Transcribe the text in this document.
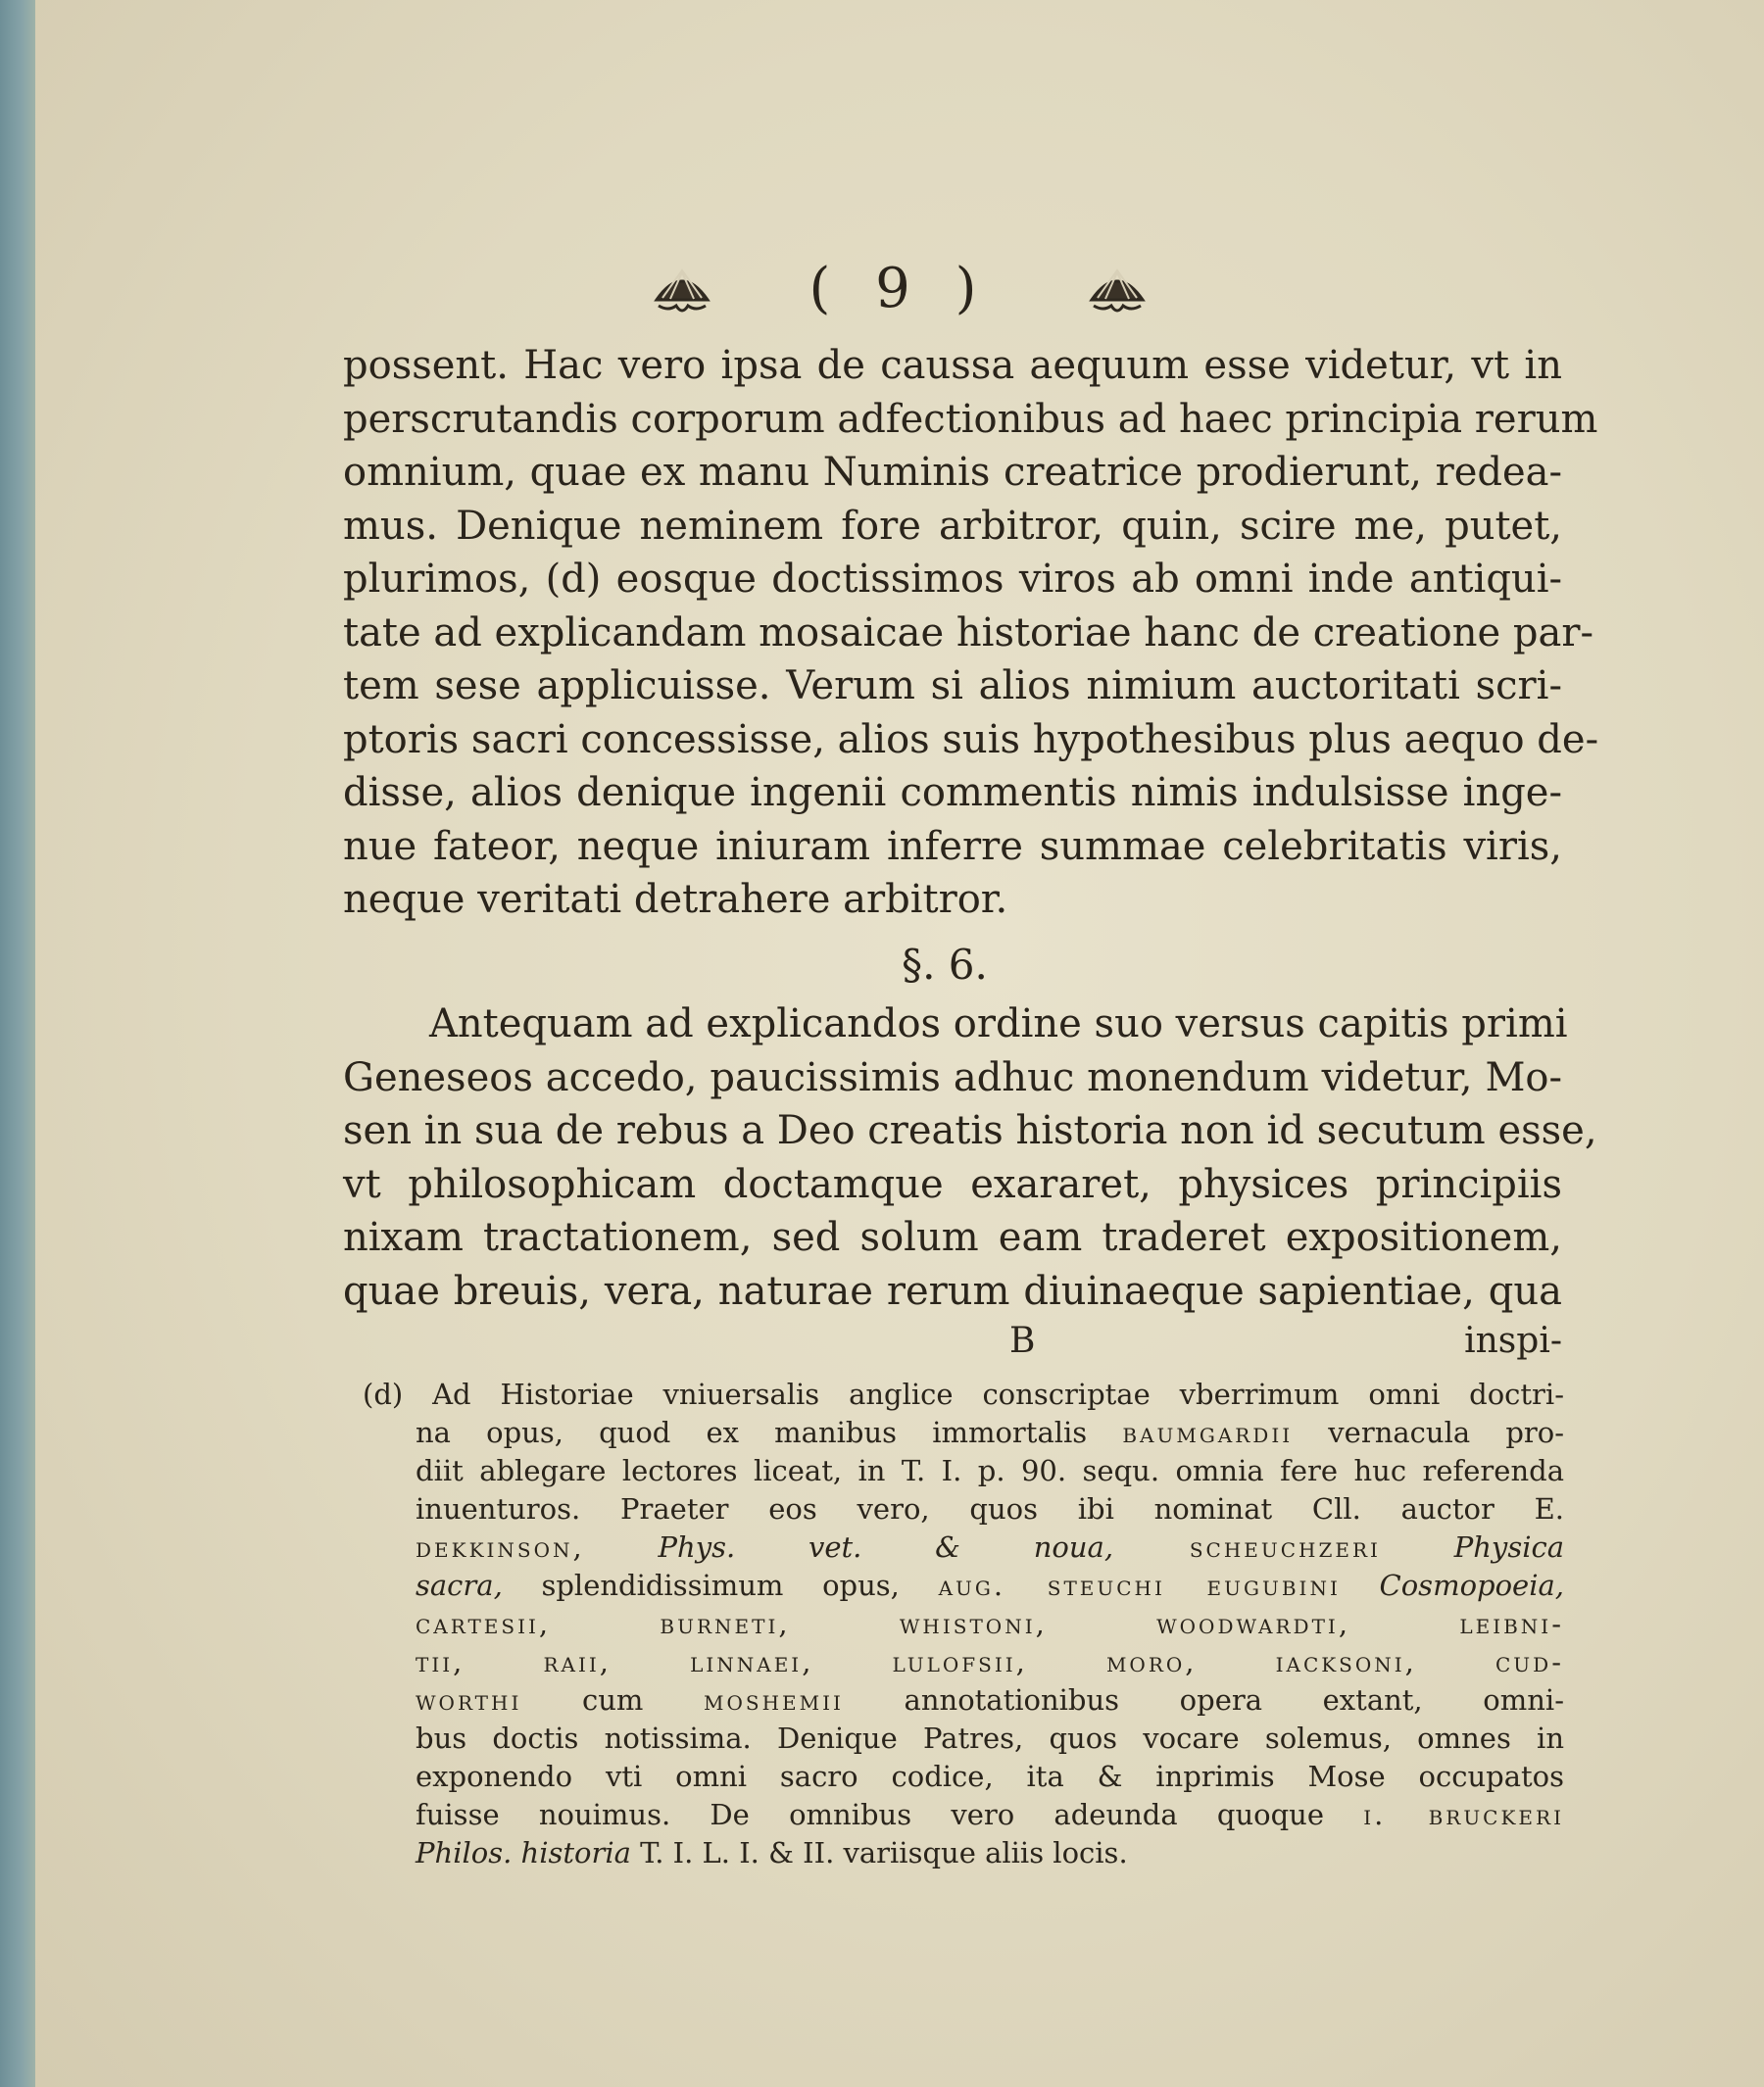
( 9 )
possent. Hac vero ipsa de caussa aequum esse videtur, vt in
perscrutandis corporum adfectionibus ad haec principia rerum
omnium, quae ex manu Numinis creatrice prodierunt, redea-
mus. Denique neminem fore arbitror, quin, scire me, putet,
plurimos, (d) eosque doctissimos viros ab omni inde antiqui-
tate ad explicandam mosaicae historiae hanc de creatione par-
tem sese applicuisse. Verum si alios nimium auctoritati scri-
ptoris sacri concessisse, alios suis hypothesibus plus aequo de-
disse, alios denique ingenii commentis nimis indulsisse inge-
nue fateor, neque iniuram inferre summae celebritatis viris,
neque veritati detrahere arbitror.
§. 6.
Antequam ad explicandos ordine suo versus capitis primi
Geneseos accedo, paucissimis adhuc monendum videtur, Mo-
sen in sua de rebus a Deo creatis historia non id secutum esse,
vt philosophicam doctamque exararet, physices principiis
nixam tractationem, sed solum eam traderet expositionem,
quae breuis, vera, naturae rerum diuinaeque sapientiae, qua
B	inspi-
(d) Ad Historiae vniuersalis anglice conscriptae vberrimum omni doctri-
na opus, quod ex manibus immortalis baumgardii vernacula pro-
diit ablegare lectores liceat, in T. I. p. 90. sequ. omnia fere huc referenda
inuenturos. Praeter eos vero, quos ibi nominat Cll. auctor E.
dekkinson, Phys. vet. & noua, scheuchzeri Physica
sacra, splendidissimum opus, aug. steuchi eugubini Cosmopoeia,
cartesii, burneti, whistoni, woodwardti, leibni-
tii, raii, linnaei, lulofsii, moro, iacksoni, cud-
worthi cum moshemii annotationibus opera extant, omni-
bus doctis notissima. Denique Patres, quos vocare solemus, omnes in
exponendo vti omni sacro codice, ita & inprimis Mose occupatos
fuisse nouimus. De omnibus vero adeunda quoque i. bruckeri
Philos. historia T. I. L. I. & II. variisque aliis locis.
